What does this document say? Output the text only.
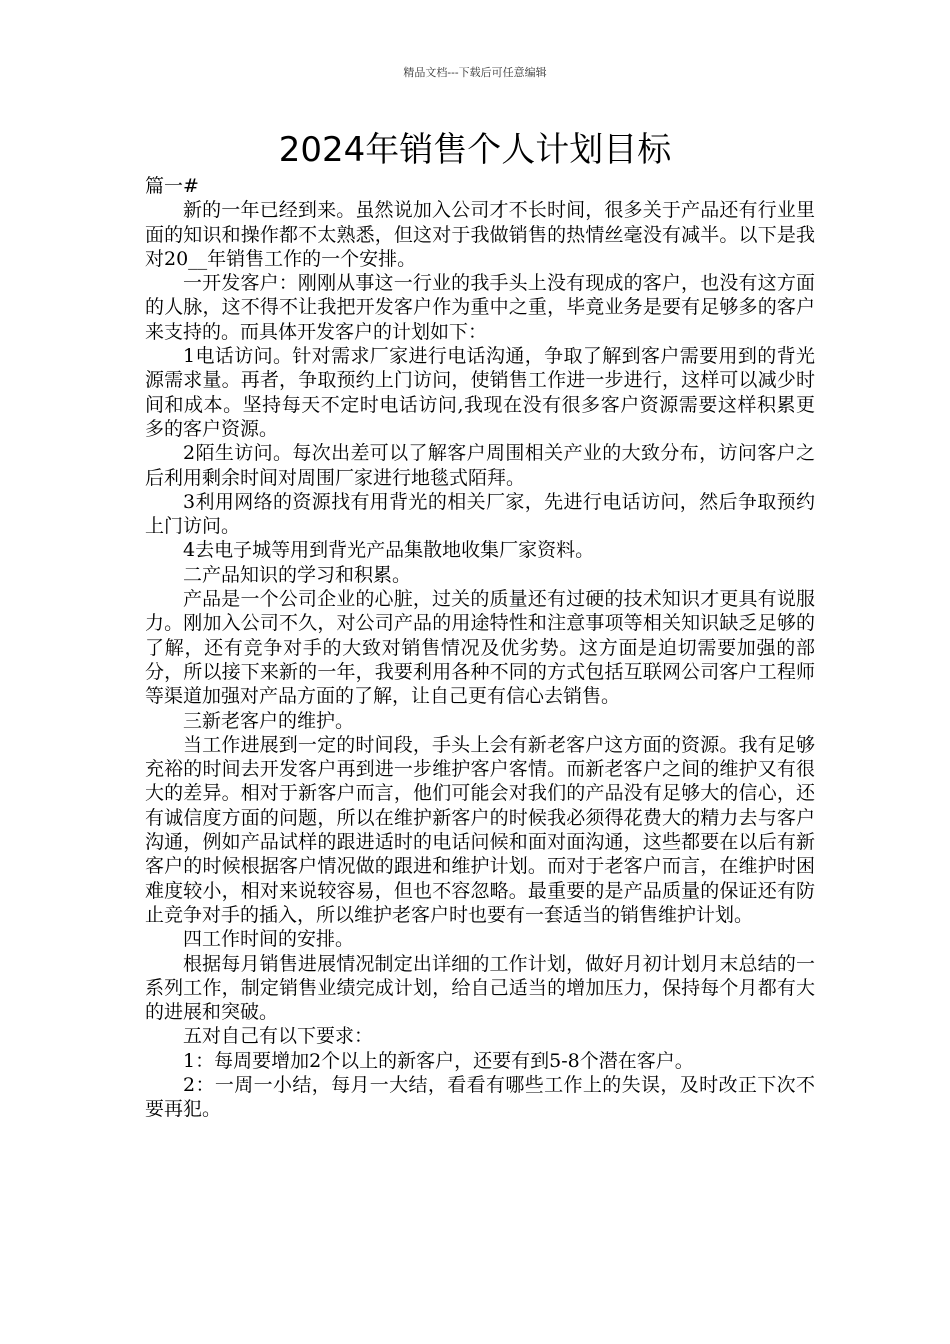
精品文档---下载后可任意编辑
2024年销售个人计划目标

篇一#

新的一年已经到来。虽然说加入公司才不长时间，很多关于产品还有行业里面的知识和操作都不太熟悉，但这对于我做销售的热情丝毫没有减半。以下是我对20__年销售工作的一个安排。

一开发客户：刚刚从事这一行业的我手头上没有现成的客户，也没有这方面的人脉，这不得不让我把开发客户作为重中之重，毕竟业务是要有足够多的客户来支持的。而具体开发客户的计划如下：

1电话访问。针对需求厂家进行电话沟通，争取了解到客户需要用到的背光源需求量。再者，争取预约上门访问，使销售工作进一步进行，这样可以减少时间和成本。坚持每天不定时电话访问,我现在没有很多客户资源需要这样积累更多的客户资源。

2陌生访问。每次出差可以了解客户周围相关产业的大致分布，访问客户之后利用剩余时间对周围厂家进行地毯式陌拜。

3利用网络的资源找有用背光的相关厂家，先进行电话访问，然后争取预约上门访问。

4去电子城等用到背光产品集散地收集厂家资料。

二产品知识的学习和积累。

产品是一个公司企业的心脏，过关的质量还有过硬的技术知识才更具有说服力。刚加入公司不久，对公司产品的用途特性和注意事项等相关知识缺乏足够的了解，还有竞争对手的大致对销售情况及优劣势。这方面是迫切需要加强的部分，所以接下来新的一年，我要利用各种不同的方式包括互联网公司客户工程师等渠道加强对产品方面的了解，让自己更有信心去销售。

三新老客户的维护。

当工作进展到一定的时间段，手头上会有新老客户这方面的资源。我有足够充裕的时间去开发客户再到进一步维护客户客情。而新老客户之间的维护又有很大的差异。相对于新客户而言，他们可能会对我们的产品没有足够大的信心，还有诚信度方面的问题，所以在维护新客户的时候我必须得花费大的精力去与客户沟通，例如产品试样的跟进适时的电话问候和面对面沟通，这些都要在以后有新客户的时候根据客户情况做的跟进和维护计划。而对于老客户而言，在维护时困难度较小，相对来说较容易，但也不容忽略。最重要的是产品质量的保证还有防止竞争对手的插入，所以维护老客户时也要有一套适当的销售维护计划。

四工作时间的安排。

根据每月销售进展情况制定出详细的工作计划，做好月初计划月末总结的一系列工作，制定销售业绩完成计划，给自己适当的增加压力，保持每个月都有大的进展和突破。

五对自己有以下要求：

1：每周要增加2个以上的新客户，还要有到5-8个潜在客户。

2：一周一小结，每月一大结，看看有哪些工作上的失误，及时改正下次不要再犯。
